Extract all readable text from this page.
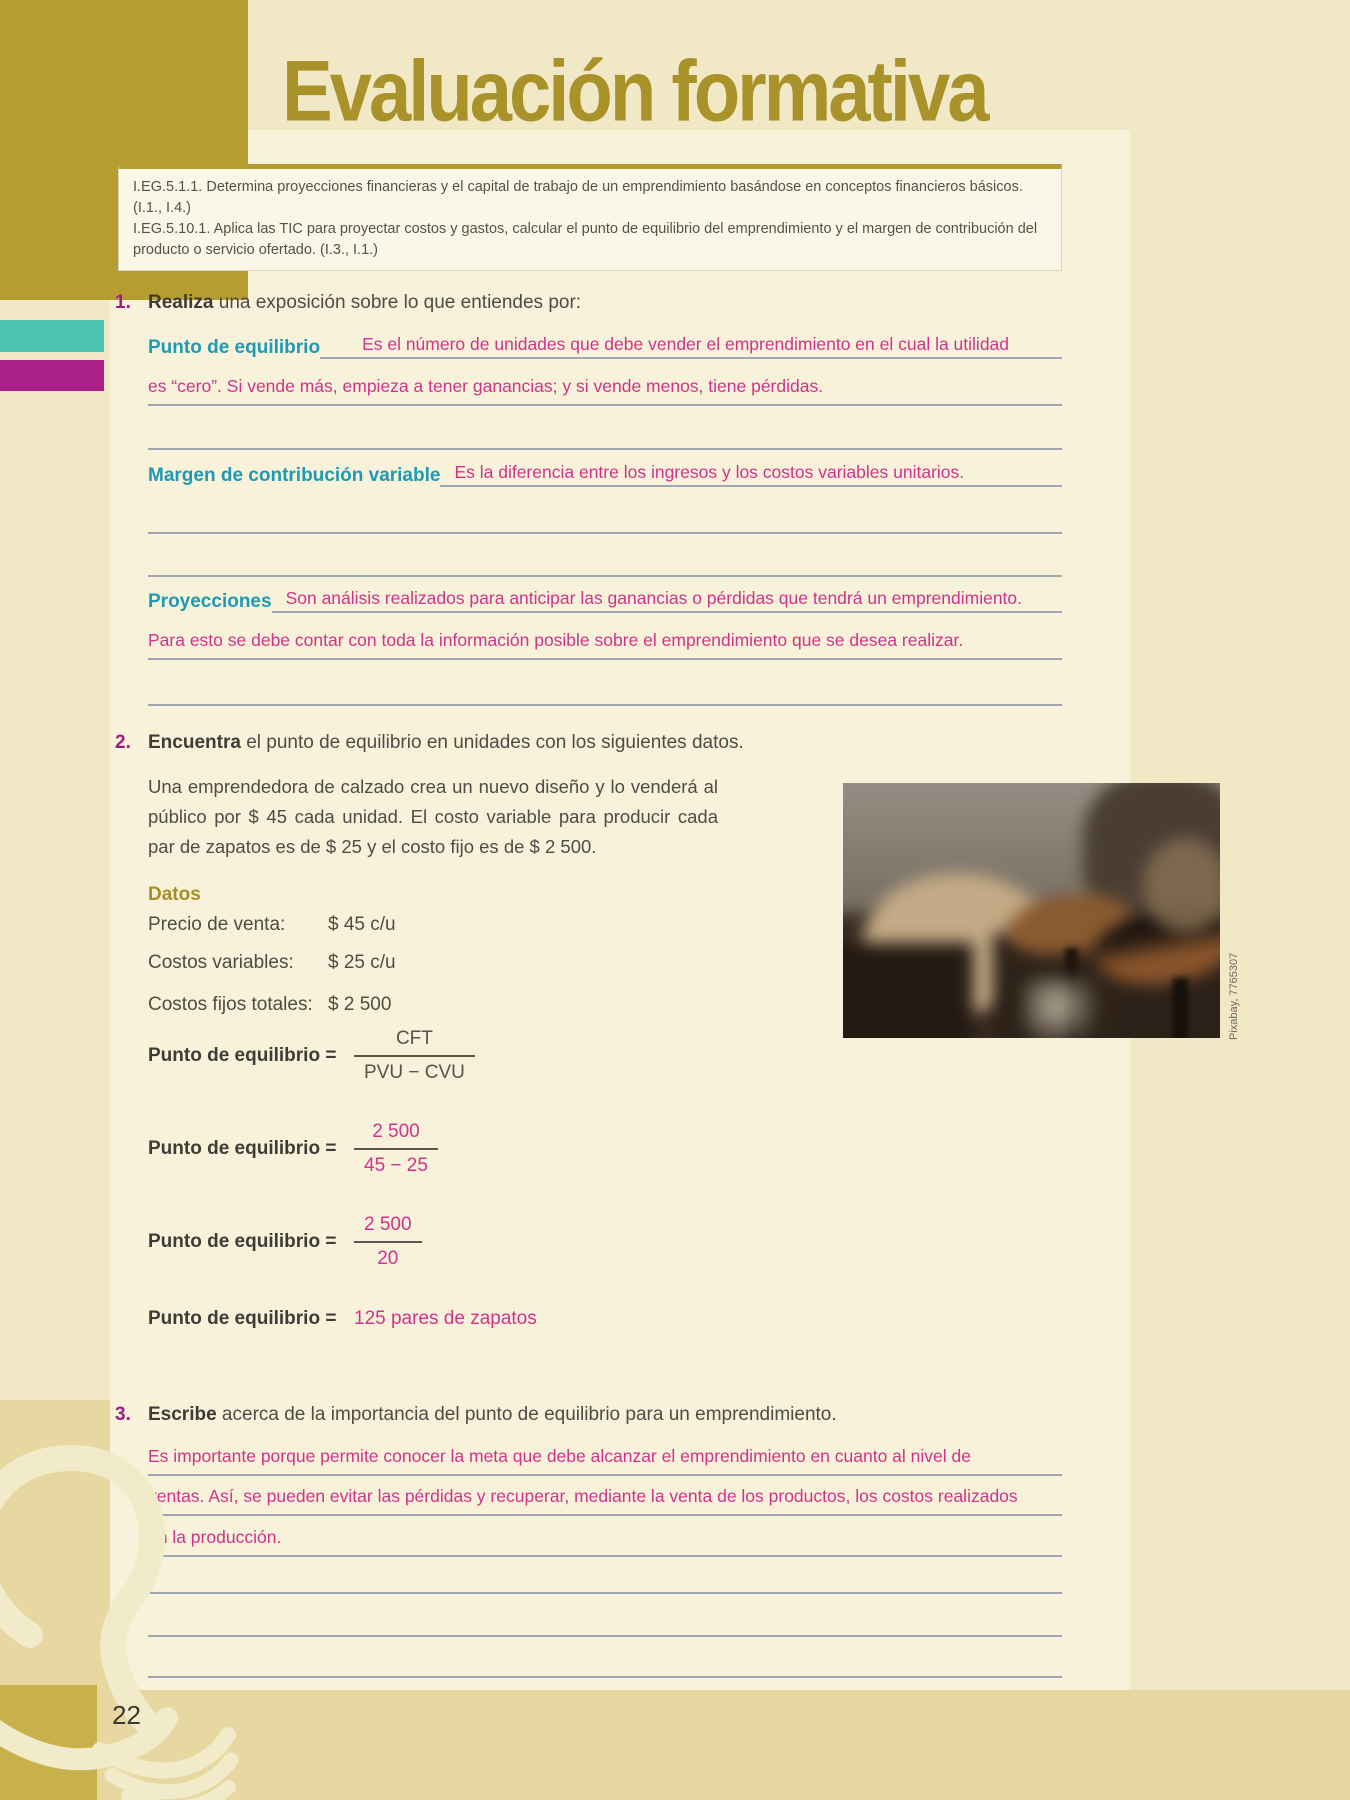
Evaluación formativa
I.EG.5.1.1. Determina proyecciones financieras y el capital de trabajo de un emprendimiento basándose en conceptos financieros básicos. (I.1., I.4.)
I.EG.5.10.1. Aplica las TIC para proyectar costos y gastos, calcular el punto de equilibrio del emprendimiento y el margen de contribución del producto o servicio ofertado. (I.3., I.1.)
1. Realiza una exposición sobre lo que entiendes por:
Punto de equilibrio	Es el número de unidades que debe vender el emprendimiento en el cual la utilidad
es “cero”. Si vende más, empieza a tener ganancias; y si vende menos, tiene pérdidas.
Margen de contribución variable Es la diferencia entre los ingresos y los costos variables unitarios.
Proyecciones Son análisis realizados para anticipar las ganancias o pérdidas que tendrá un emprendimiento.
Para esto se debe contar con toda la información posible sobre el emprendimiento que se desea realizar.
2. Encuentra el punto de equilibrio en unidades con los siguientes datos.
Una emprendedora de calzado crea un nuevo diseño y lo venderá al público por $ 45 cada unidad. El costo variable para producir cada par de zapatos es de $ 25 y el costo fijo es de $ 2 500.
Datos
Precio de venta: $ 45 c/u
Costos variables: $ 25 c/u
Costos fijos totales: $ 2 500
Punto de equilibrio = $\frac{\text{CFT}}{\text{PVU − CVU}}$
Punto de equilibrio = $\frac{2 500}{45 - 25}$
Punto de equilibrio = $\frac{2 500}{20}$
Punto de equilibrio = 125 pares de zapatos
Pixabay, 7765307
3. Escribe acerca de la importancia del punto de equilibrio para un emprendimiento.
Es importante porque permite conocer la meta que debe alcanzar el emprendimiento en cuanto al nivel de
ventas. Así, se pueden evitar las pérdidas y recuperar, mediante la venta de los productos, los costos realizados
en la producción.
22
